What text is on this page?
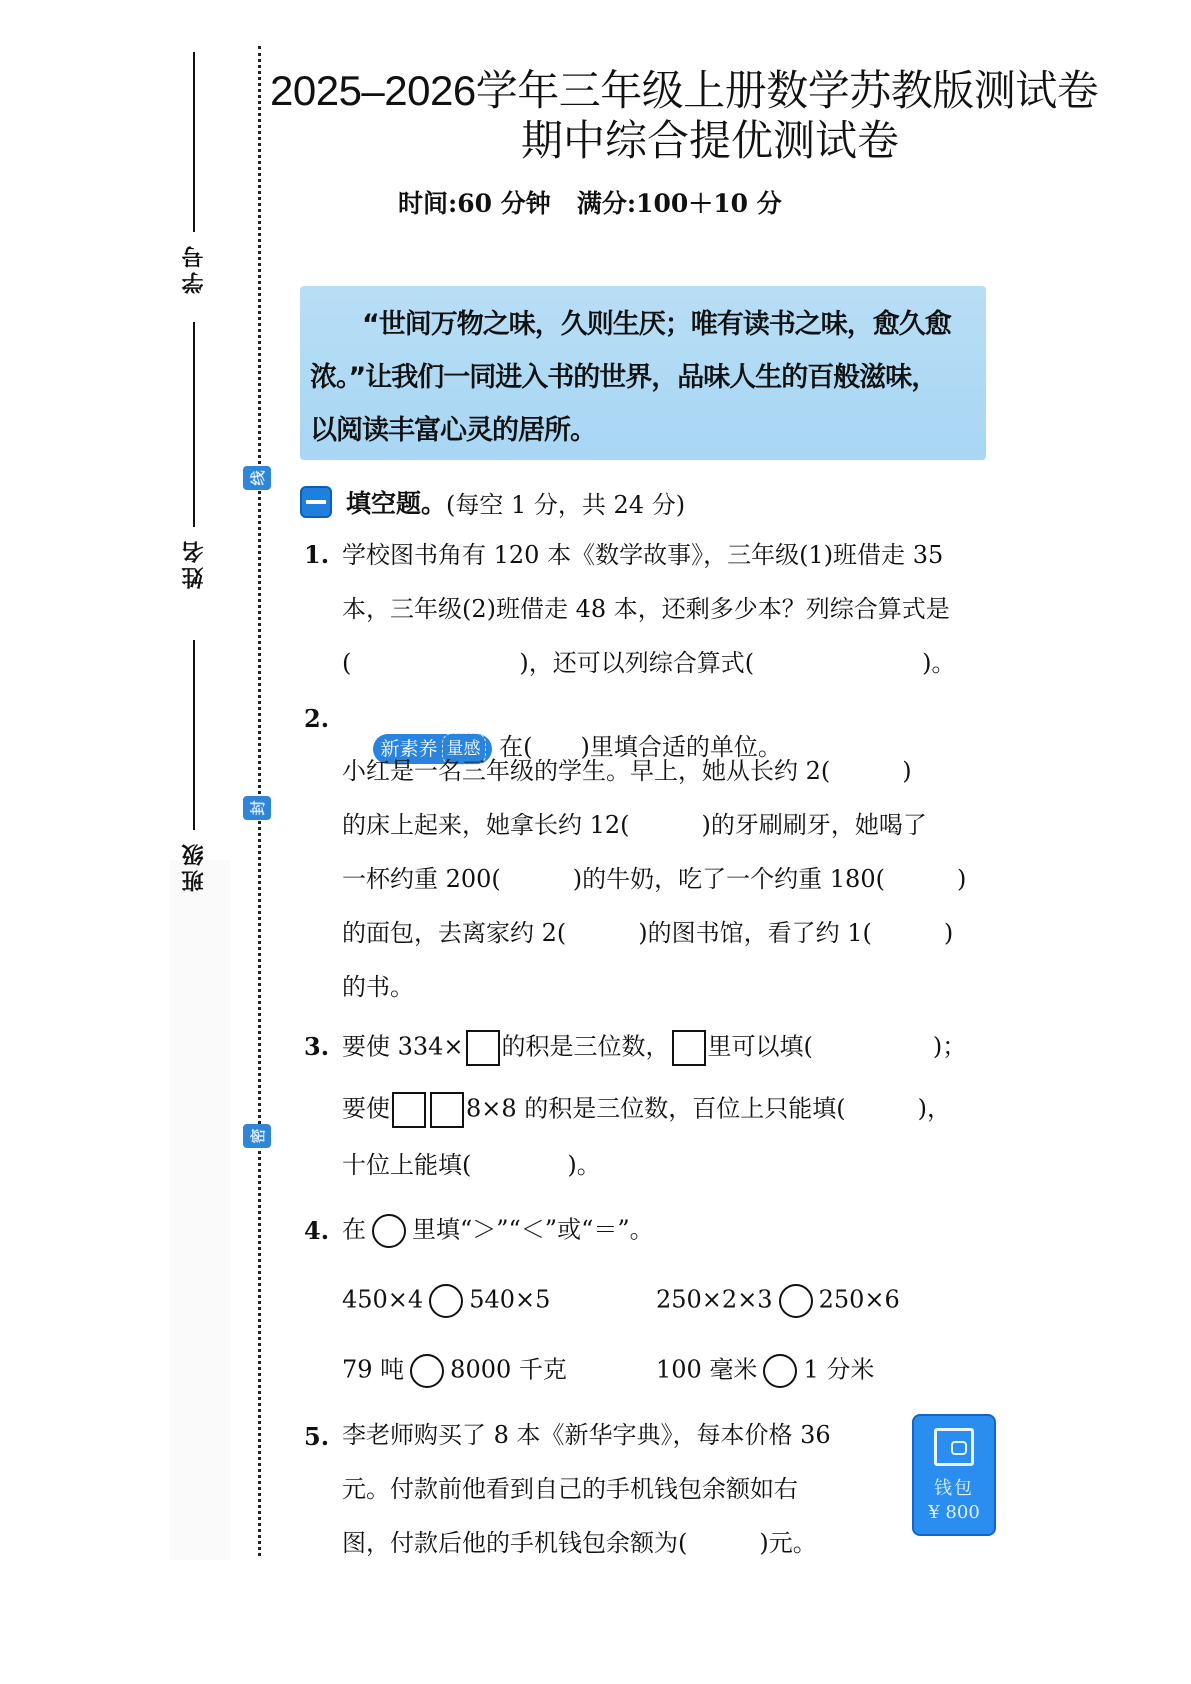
学号
姓名
班级
线
封
密
2025–2026学年三年级上册数学苏教版测试卷
期中综合提优测试卷
时间:60 分钟   满分:100＋10 分

　　“世间万物之味，久则生厌；唯有读书之味，愈久愈

浓。”让我们一同进入书的世界，品味人生的百般滋味，

以阅读丰富心灵的居所。

填空题。 (每空 1 分，共 24 分)
1. 学校图书角有 120 本《数学故事》，三年级(1)班借走 35
本，三年级(2)班借走 48 本，还剩多少本？列综合算式是
(　　　　　　　)，还可以列综合算式(　　　　　　　)。
2.

新素养 量感 在(　　)里填合适的单位。

小红是一名三年级的学生。早上，她从长约 2(　　　)
的床上起来，她拿长约 12(　　　)的牙刷刷牙，她喝了
一杯约重 200(　　　)的牛奶，吃了一个约重 180(　　　)
的面包，去离家约 2(　　　)的图书馆，看了约 1(　　　)
的书。
3. 要使 334× 的积是三位数， 里可以填(　　　　　)；
要使	8×8 的积是三位数，百位上只能填(　　　)，
十位上能填(　　　　)。
4. 在 里填“＞”“＜”或“＝”。
450×4 540×5	250×2×3 250×6
79 吨 8000 千克	100 毫米 1 分米
5. 李老师购买了 8 本《新华字典》，每本价格 36
元。付款前他看到自己的手机钱包余额如右
图，付款后他的手机钱包余额为(　　　)元。
钱包
¥ 800
